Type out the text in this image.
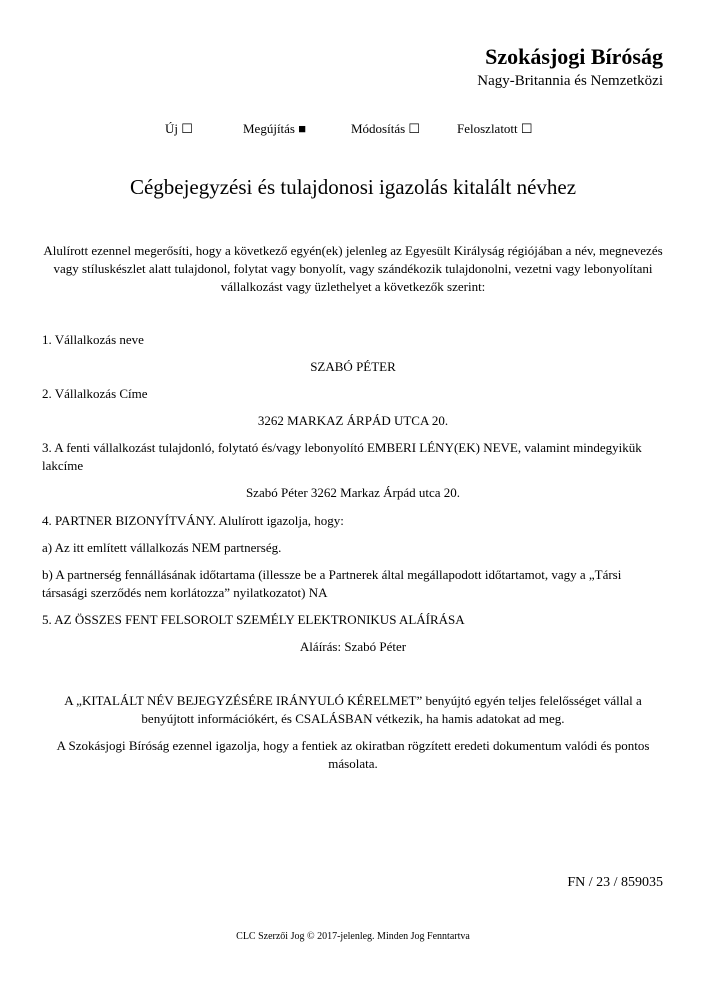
Szokásjogi Bíróság
Nagy-Britannia és Nemzetközi
Új ☐	Megújítás ■	Módosítás ☐	Feloszlatott ☐
Cégbejegyzési és tulajdonosi igazolás kitalált névhez
Alulírott ezennel megerősíti, hogy a következő egyén(ek) jelenleg az Egyesült Királyság régiójában a név, megnevezés vagy stíluskészlet alatt tulajdonol, folytat vagy bonyolít, vagy szándékozik tulajdonolni, vezetni vagy lebonyolítani vállalkozást vagy üzlethelyet a következők szerint:
1. Vállalkozás neve
SZABÓ PÉTER
2. Vállalkozás Címe
3262 MARKAZ ÁRPÁD UTCA 20.
3. A fenti vállalkozást tulajdonló, folytató és/vagy lebonyolító EMBERI LÉNY(EK) NEVE, valamint mindegyikük lakcíme
Szabó Péter 3262 Markaz Árpád utca 20.
4. PARTNER BIZONYÍTVÁNY. Alulírott igazolja, hogy:
a) Az itt említett vállalkozás NEM partnerség.
b) A partnerség fennállásának időtartama (illessze be a Partnerek által megállapodott időtartamot, vagy a „Társi társasági szerződés nem korlátozza” nyilatkozatot) NA
5. AZ ÖSSZES FENT FELSOROLT SZEMÉLY ELEKTRONIKUS ALÁÍRÁSA
Aláírás: Szabó Péter
A „KITALÁLT NÉV BEJEGYZÉSÉRE IRÁNYULÓ KÉRELMET” benyújtó egyén teljes felelősséget vállal a benyújtott információkért, és CSALÁSBAN vétkezik, ha hamis adatokat ad meg.
A Szokásjogi Bíróság ezennel igazolja, hogy a fentiek az okiratban rögzített eredeti dokumentum valódi és pontos másolata.
FN / 23 / 859035
CLC Szerzői Jog © 2017-jelenleg. Minden Jog Fenntartva
